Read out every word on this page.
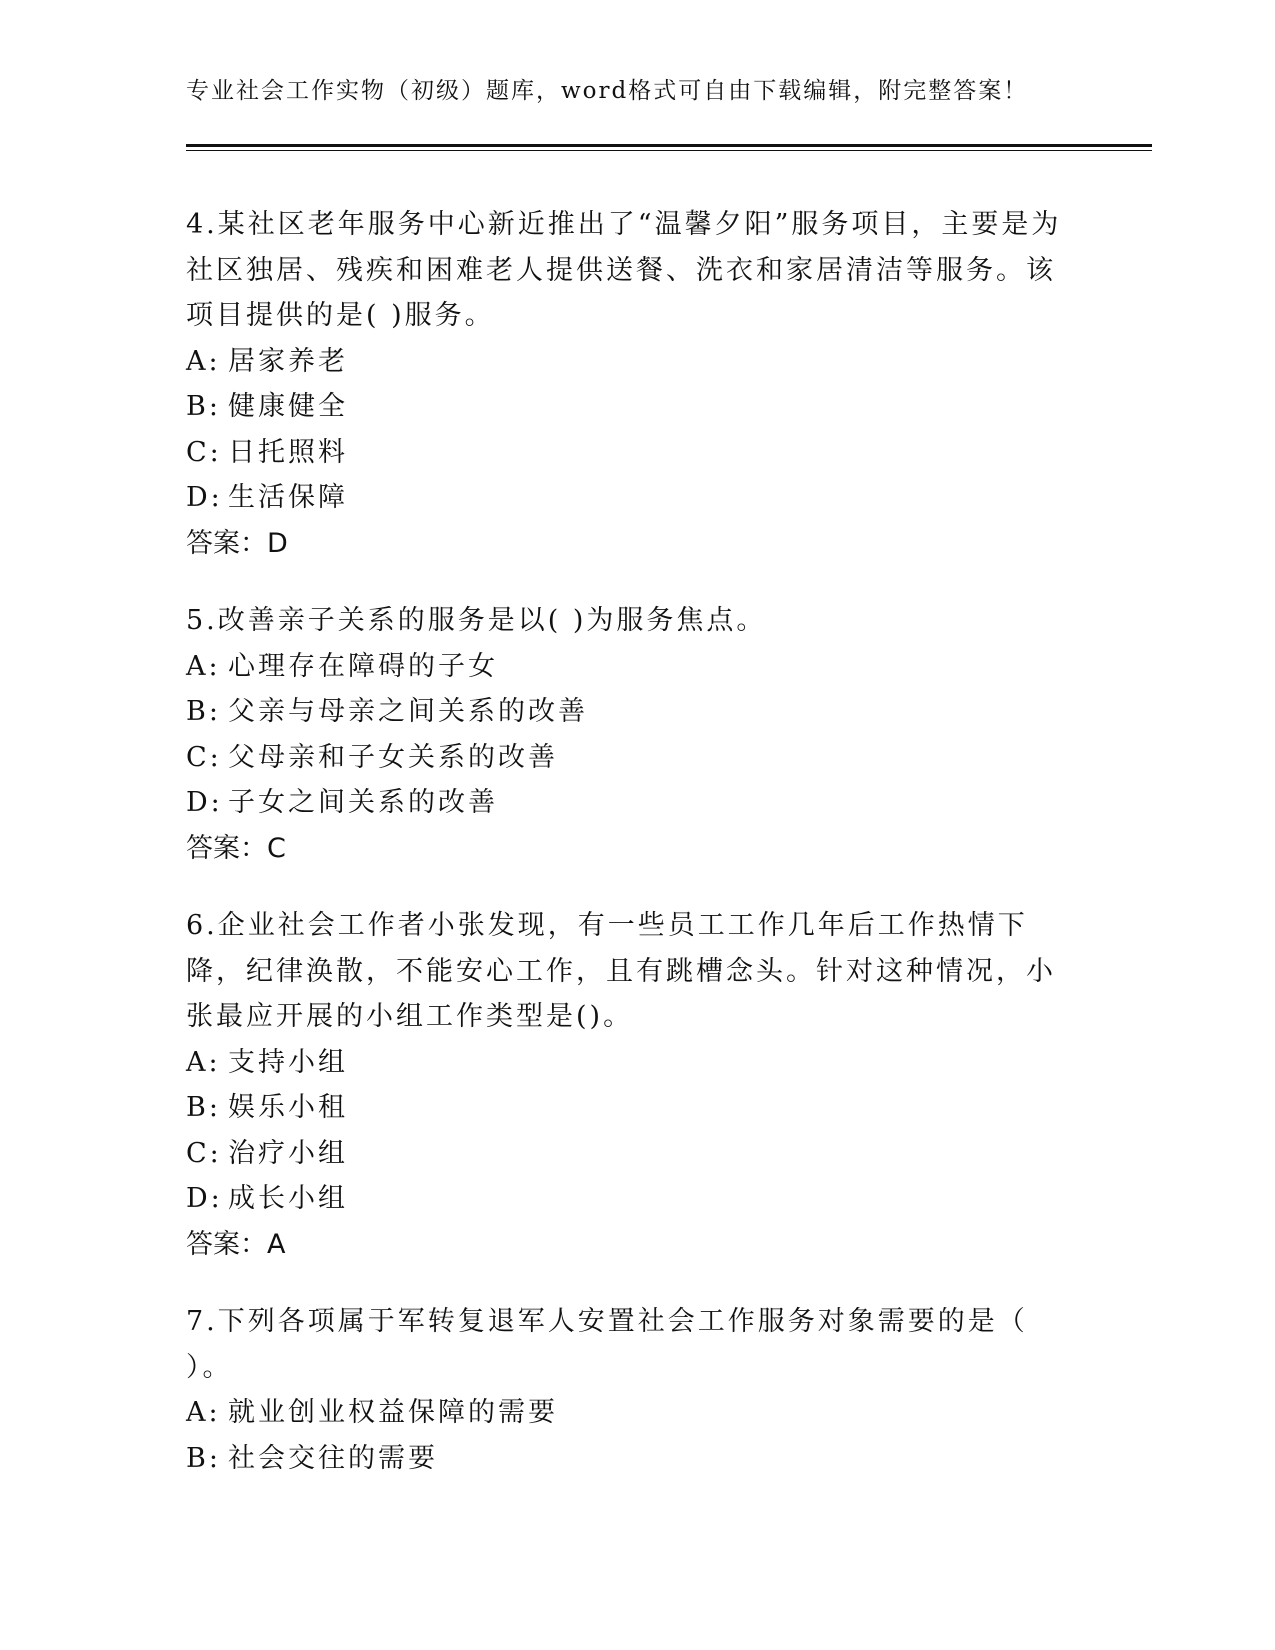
专业社会工作实物（初级）题库，word格式可自由下载编辑，附完整答案！

4.某社区老年服务中心新近推出了“温馨夕阳”服务项目，主要是为社区独居、残疾和困难老人提供送餐、洗衣和家居清洁等服务。该项目提供的是( )服务。

A: 居家养老

B: 健康健全

C: 日托照料

D: 生活保障

答案：D

5.改善亲子关系的服务是以( )为服务焦点。

A: 心理存在障碍的子女

B: 父亲与母亲之间关系的改善

C: 父母亲和子女关系的改善

D: 子女之间关系的改善

答案：C

6.企业社会工作者小张发现，有一些员工工作几年后工作热情下降，纪律涣散，不能安心工作，且有跳槽念头。针对这种情况，小张最应开展的小组工作类型是()。

A: 支持小组

B: 娱乐小租

C: 治疗小组

D: 成长小组

答案：A

7.下列各项属于军转复退军人安置社会工作服务对象需要的是（ ）。

A: 就业创业权益保障的需要

B: 社会交往的需要
